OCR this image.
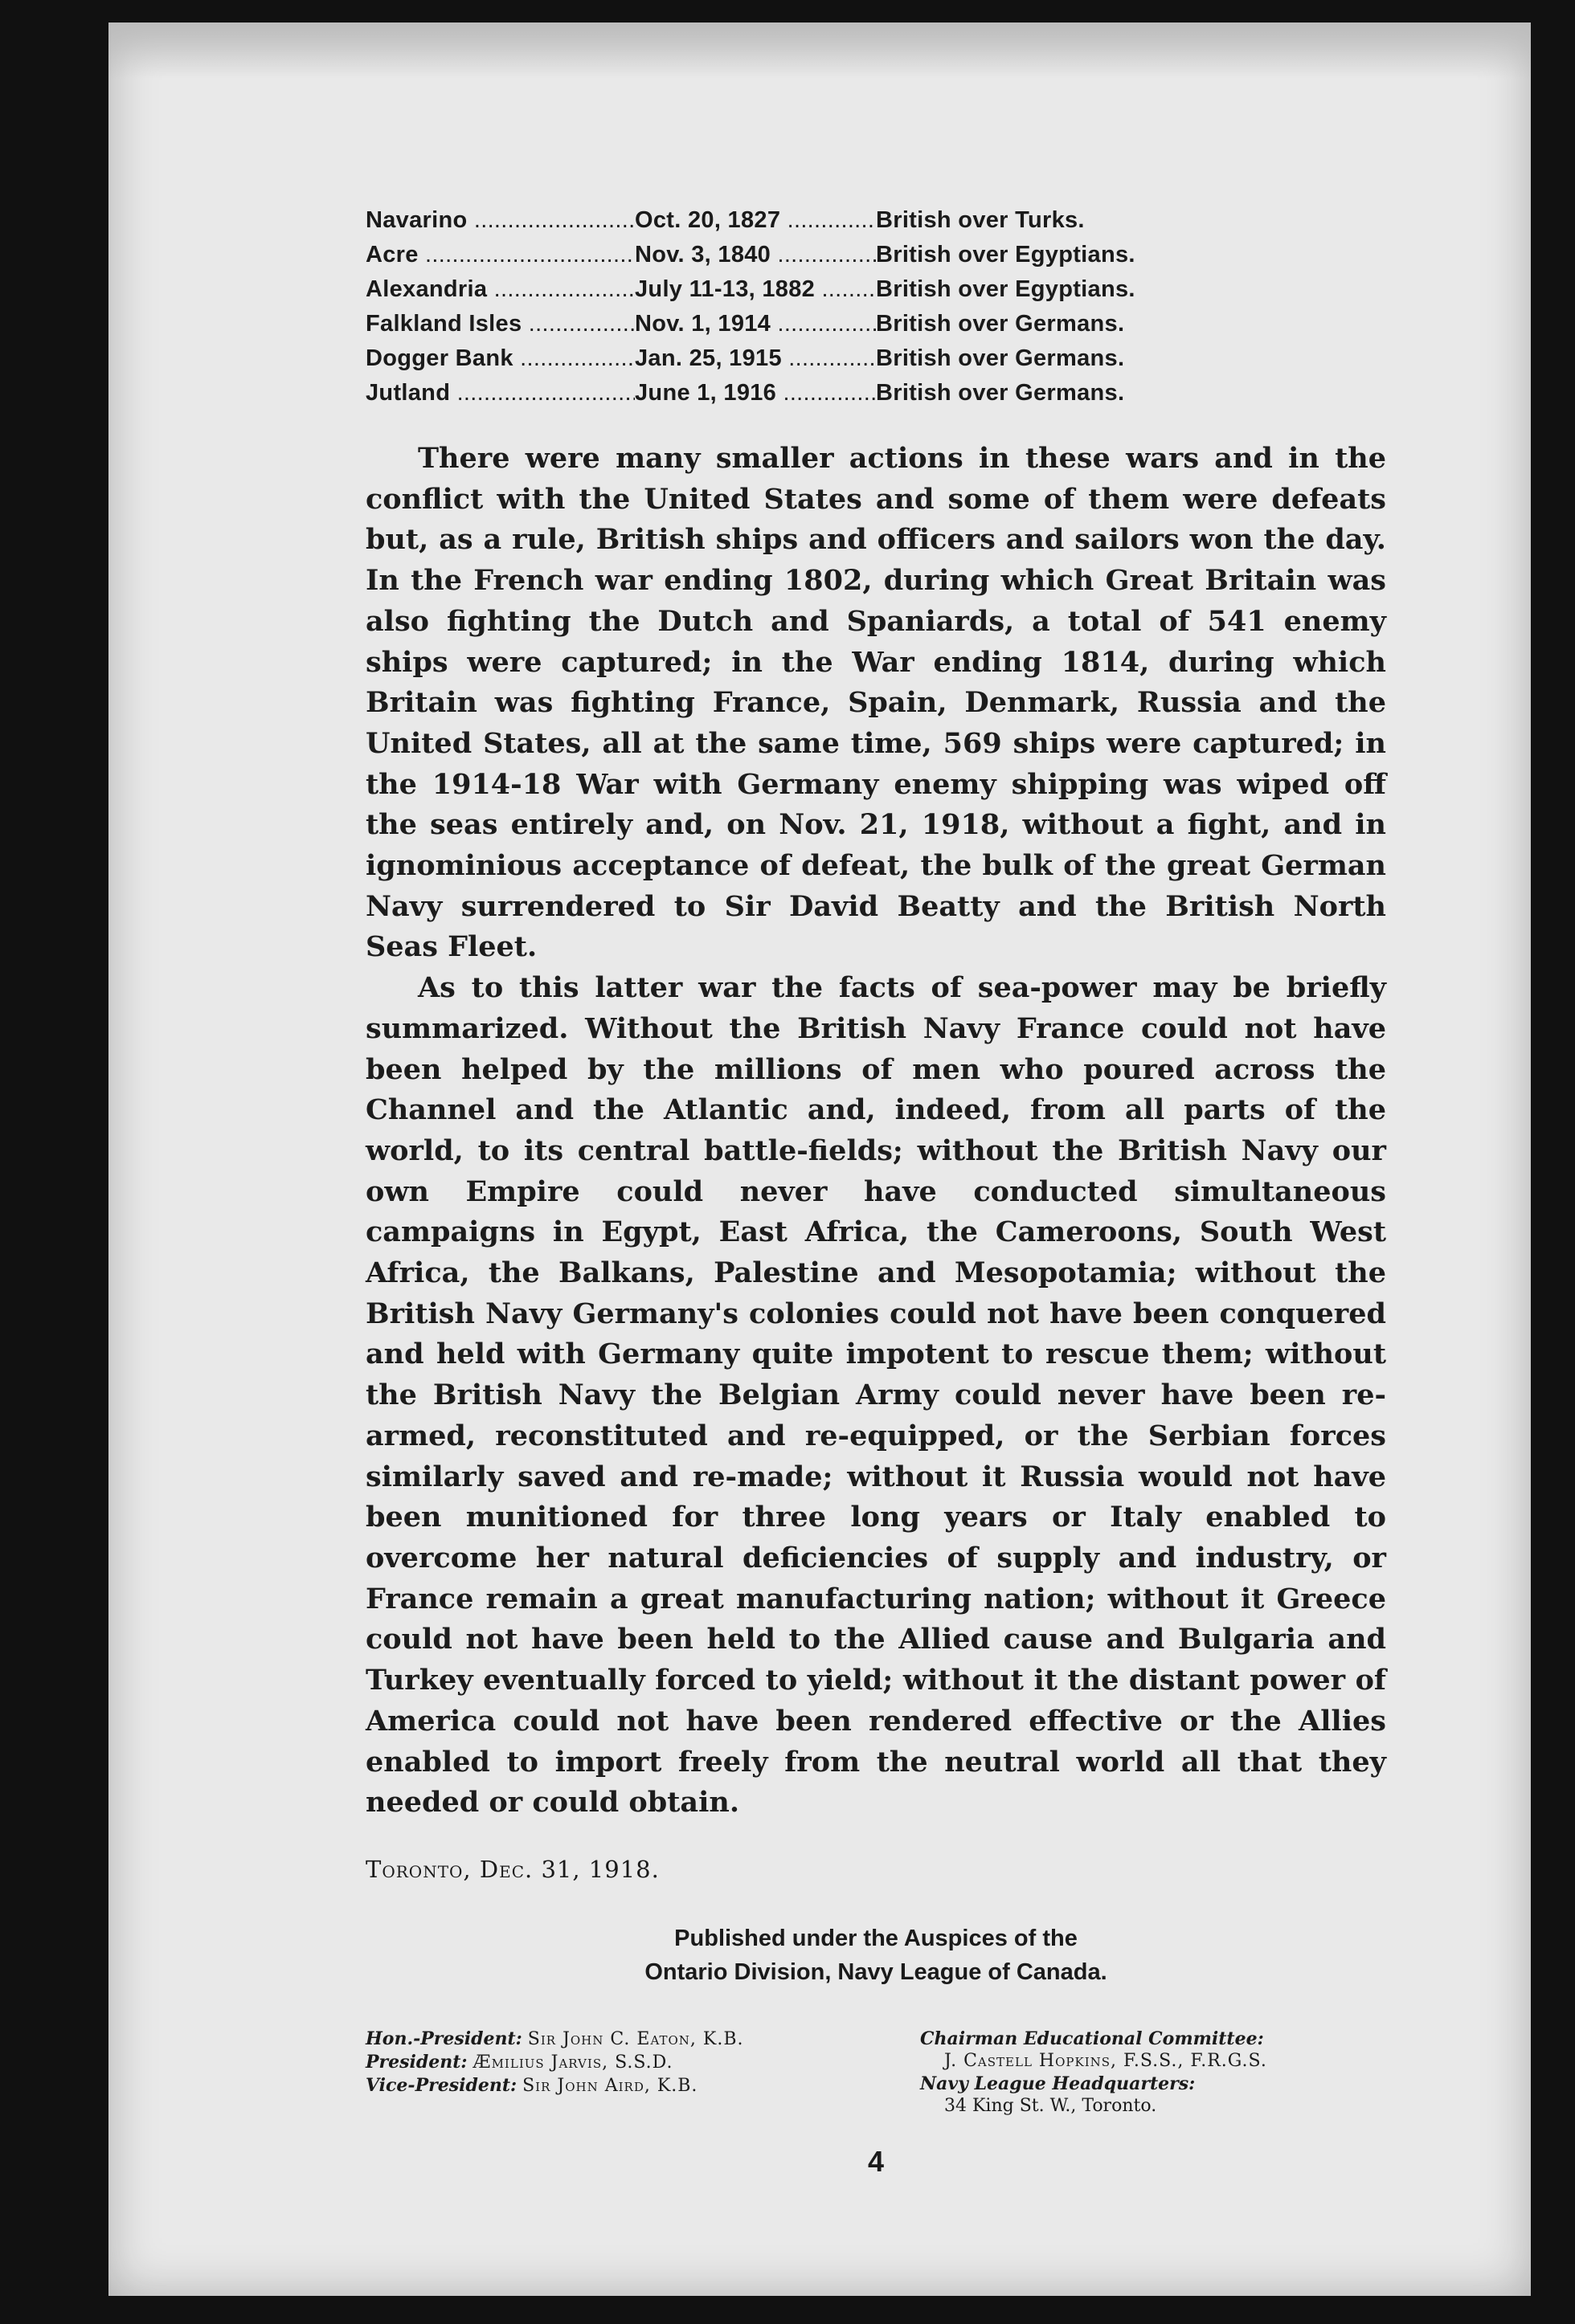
Navarino .....	Oct. 20, 1827 .....	British over Turks.
Acre .....	Nov. 3, 1840 .....	British over Egyptians.
Alexandria .....	July 11-13, 1882 .....	British over Egyptians.
Falkland Isles .....	Nov. 1, 1914 .....	British over Germans.
Dogger Bank .....	Jan. 25, 1915 .....	British over Germans.
Jutland .....	June 1, 1916 .....	British over Germans.

There were many smaller actions in these wars and in the conflict with the United States and some of them were defeats but, as a rule, British ships and officers and sailors won the day. In the French war ending 1802, during which Great Britain was also fighting the Dutch and Spaniards, a total of 541 enemy ships were captured; in the War ending 1814, during which Britain was fighting France, Spain, Denmark, Russia and the United States, all at the same time, 569 ships were captured; in the 1914-18 War with Germany enemy shipping was wiped off the seas entirely and, on Nov. 21, 1918, without a fight, and in ignominious acceptance of defeat, the bulk of the great German Navy surrendered to Sir David Beatty and the British North Seas Fleet.

As to this latter war the facts of sea-power may be briefly summarized. Without the British Navy France could not have been helped by the millions of men who poured across the Channel and the Atlantic and, indeed, from all parts of the world, to its central battle-fields; without the British Navy our own Empire could never have conducted simultaneous campaigns in Egypt, East Africa, the Cameroons, South West Africa, the Balkans, Palestine and Mesopotamia; without the British Navy Germany's colonies could not have been conquered and held with Germany quite impotent to rescue them; without the British Navy the Belgian Army could never have been re-armed, reconstituted and re-equipped, or the Serbian forces similarly saved and re-made; without it Russia would not have been munitioned for three long years or Italy enabled to overcome her natural deficiencies of supply and industry, or France remain a great manufacturing nation; without it Greece could not have been held to the Allied cause and Bulgaria and Turkey eventually forced to yield; without it the distant power of America could not have been rendered effective or the Allies enabled to import freely from the neutral world all that they needed or could obtain.

Toronto, Dec. 31, 1918.
Published under the Auspices of the
Ontario Division, Navy League of Canada.
Hon.-President: Sir John C. Eaton, K.B.
President: Æmilius Jarvis, S.S.D.
Vice-President: Sir John Aird, K.B.
Chairman Educational Committee:
J. Castell Hopkins, F.S.S., F.R.G.S.
Navy League Headquarters:
34 King St. W., Toronto.
4
